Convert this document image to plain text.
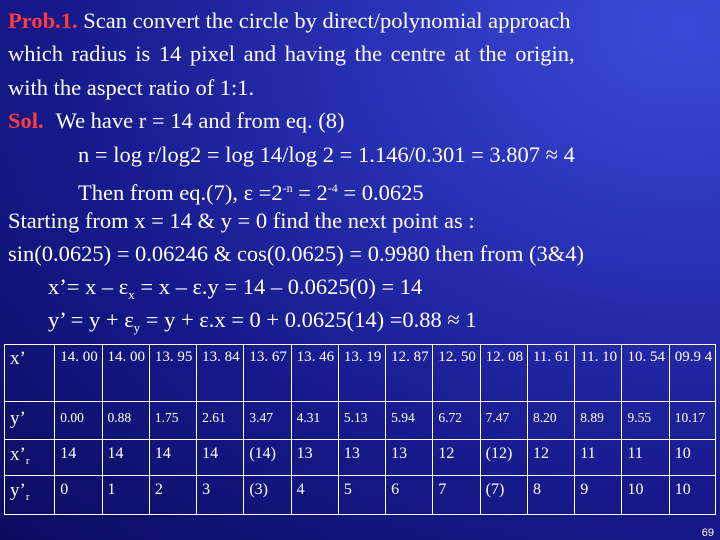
Prob.1. Scan convert the circle by direct/polynomial approach
which radius is 14 pixel and having the centre at the origin,
with the aspect ratio of 1:1.
Sol. We have r = 14 and from eq. (8)
n = log r/log2 = log 14/log 2 = 1.146/0.301 = 3.807 ≈ 4
Then from eq.(7), $\varepsilon =2^{-n} = 2^{-4} = 0.0625$
Starting from x = 14 & y = 0 find the next point as :
sin(0.0625) = 0.06246 & cos(0.0625) = 0.9980 then from (3&4)
x’= $x - \varepsilon_x = x - \varepsilon.y = 14 - 0.0625(0) = 14$
y’ = $y + \varepsilon_y = y + \varepsilon.x = 0 + 0.0625(14) =0.88 \approx 1$
x’	14. 00	14. 00	13. 95	13. 84	13. 67	13. 46	13. 19	12. 87	12. 50	12. 08	11. 61	11. 10	10. 54	09.9 4
y’	0.00	0.88	1.75	2.61	3.47	4.31	5.13	5.94	6.72	7.47	8.20	8.89	9.55	10.17
$x’_r$	14	14	14	14	(14)	13	13	13	12	(12)	12	11	11	10
$y’_r$	0	1	2	3	(3)	4	5	6	7	(7)	8	9	10	10
69
